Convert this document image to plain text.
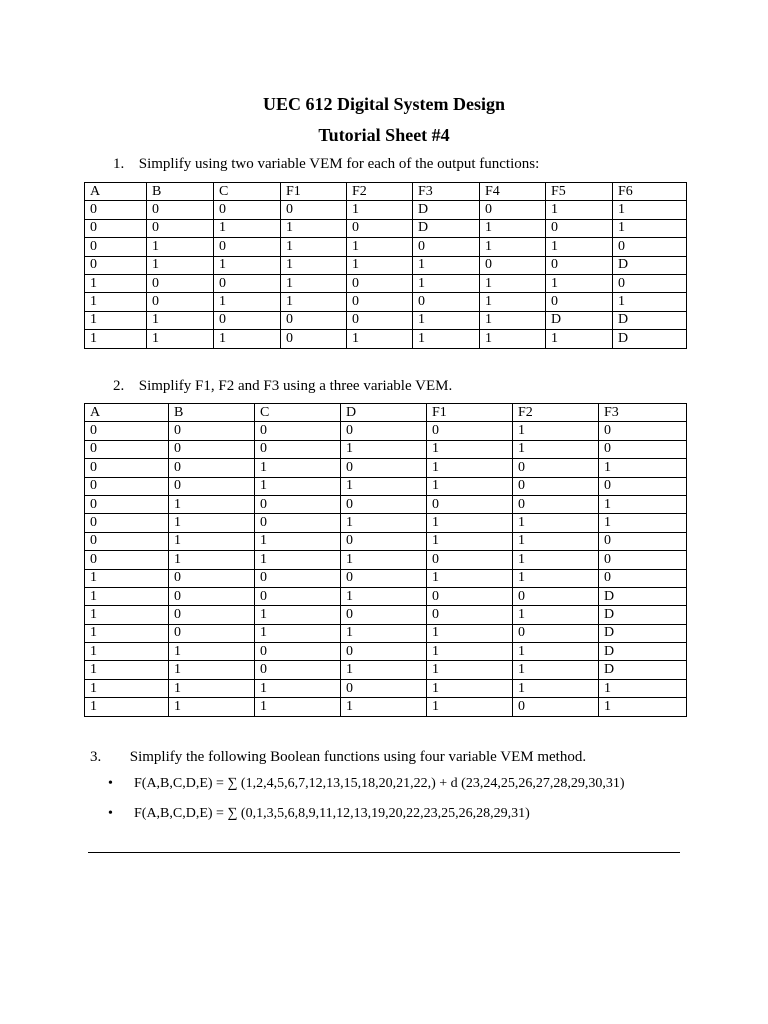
UEC 612 Digital System Design
Tutorial Sheet #4
1. Simplify using two variable VEM for each of the output functions:
A	B	C	F1	F2	F3	F4	F5	F6
0	0	0	0	1	D	0	1	1
0	0	1	1	0	D	1	0	1
0	1	0	1	1	0	1	1	0
0	1	1	1	1	1	0	0	D
1	0	0	1	0	1	1	1	0
1	0	1	1	0	0	1	0	1
1	1	0	0	0	1	1	D	D
1	1	1	0	1	1	1	1	D
2. Simplify F1, F2 and F3 using a three variable VEM.
A	B	C	D	F1	F2	F3
0	0	0	0	0	1	0
0	0	0	1	1	1	0
0	0	1	0	1	0	1
0	0	1	1	1	0	0
0	1	0	0	0	0	1
0	1	0	1	1	1	1
0	1	1	0	1	1	0
0	1	1	1	0	1	0
1	0	0	0	1	1	0
1	0	0	1	0	0	D
1	0	1	0	0	1	D
1	0	1	1	1	0	D
1	1	0	0	1	1	D
1	1	0	1	1	1	D
1	1	1	0	1	1	1
1	1	1	1	1	0	1
3. Simplify the following Boolean functions using four variable VEM method.
• F(A,B,C,D,E) = ∑ (1,2,4,5,6,7,12,13,15,18,20,21,22,) + d (23,24,25,26,27,28,29,30,31)
• F(A,B,C,D,E) = ∑ (0,1,3,5,6,8,9,11,12,13,19,20,22,23,25,26,28,29,31)
